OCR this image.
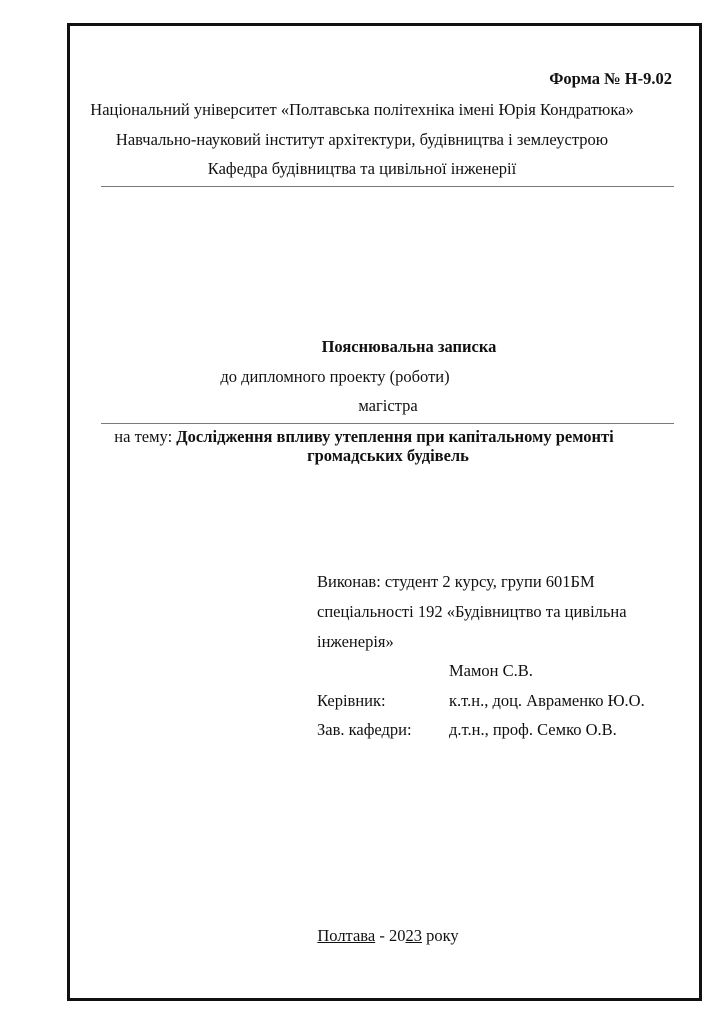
Форма № Н-9.02
Національний університет «Полтавська політехніка імені Юрія Кондратюка»
Навчально-науковий інститут архітектури, будівництва і землеустрою
Кафедра будівництва та цивільної інженерії
Пояснювальна записка
до дипломного проекту (роботи)
магістра
на тему: Дослідження впливу утеплення при капітальному ремонті
громадських будівель
Виконав: студент 2 курсу, групи 601БМ
спеціальності 192 «Будівництво та цивільна
інженерія»
Мамон С.В.
Керівник:	к.т.н., доц. Авраменко Ю.О.
Зав. кафедри: д.т.н., проф. Семко О.В.
Полтава - 2023 року
